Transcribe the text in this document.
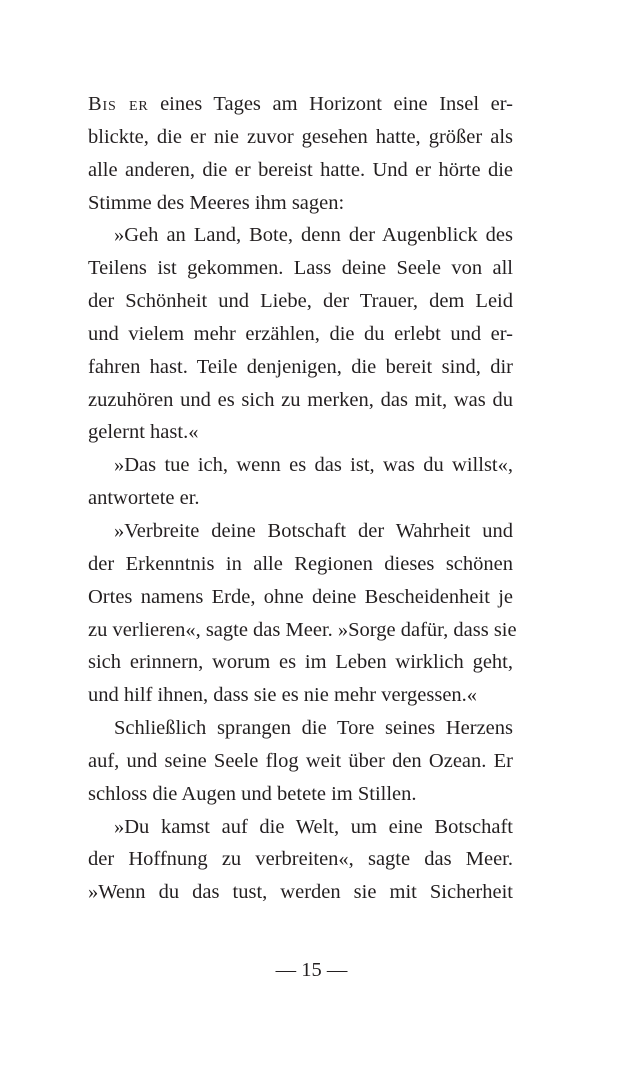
Bis er eines Tages am Horizont eine Insel er-
blickte, die er nie zuvor gesehen hatte, größer als
alle anderen, die er bereist hatte. Und er hörte die
Stimme des Meeres ihm sagen:
»Geh an Land, Bote, denn der Augenblick des
Teilens ist gekommen. Lass deine Seele von all
der Schönheit und Liebe, der Trauer, dem Leid
und vielem mehr erzählen, die du erlebt und er-
fahren hast. Teile denjenigen, die bereit sind, dir
zuzuhören und es sich zu merken, das mit, was du
gelernt hast.«
»Das tue ich, wenn es das ist, was du willst«,
antwortete er.
»Verbreite deine Botschaft der Wahrheit und
der Erkenntnis in alle Regionen dieses schönen
Ortes namens Erde, ohne deine Bescheidenheit je
zu verlieren«, sagte das Meer. »Sorge dafür, dass sie
sich erinnern, worum es im Leben wirklich geht,
und hilf ihnen, dass sie es nie mehr vergessen.«
Schließlich sprangen die Tore seines Herzens
auf, und seine Seele flog weit über den Ozean. Er
schloss die Augen und betete im Stillen.
»Du kamst auf die Welt, um eine Botschaft
der Hoffnung zu verbreiten«, sagte das Meer.
»Wenn du das tust, werden sie mit Sicherheit
— 15 —
